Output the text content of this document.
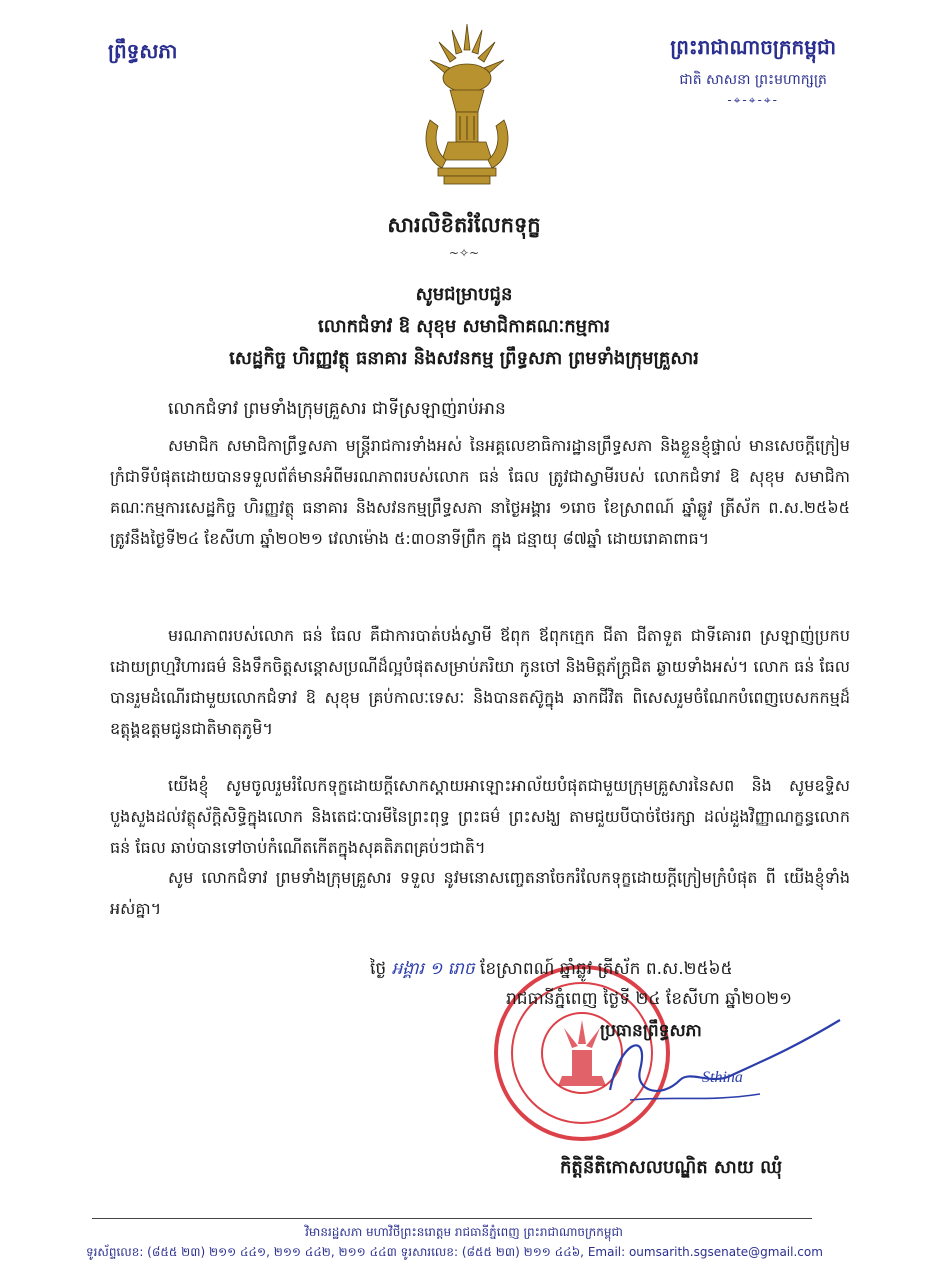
ព្រឹទ្ធសភា	ព្រះរាជាណាចក្រកម្ពុជា
ជាតិ សាសនា ព្រះមហាក្សត្រ
-⌖-⌖-⌖-
សារលិខិតរំលែកទុក្ខ
~✧~
សូមជម្រាបជូន
លោកជំទាវ ឱ សុខុម សមាជិកាគណៈកម្មការ
សេដ្ឋកិច្ច ហិរញ្ញវត្ថុ ធនាគារ និងសវនកម្ម ព្រឹទ្ធសភា ព្រមទាំងក្រុមគ្រួសារ
លោកជំទាវ ព្រមទាំងក្រុមគ្រួសារ ជាទីស្រឡាញ់រាប់អាន

សមាជិក សមាជិកាព្រឹទ្ធសភា មន្ត្រីរាជការទាំងអស់ នៃអគ្គលេខាធិការដ្ឋានព្រឹទ្ធសភា និងខ្លួនខ្ញុំផ្ទាល់ មានសេចក្ដីក្រៀមក្រំជាទីបំផុតដោយបានទទួលព័ត៌មានអំពីមរណភាពរបស់លោក ធន់ ធែល ត្រូវជាស្វាមីរបស់ លោកជំទាវ ឱ សុខុម សមាជិកាគណៈកម្មការសេដ្ឋកិច្ច ហិរញ្ញវត្ថុ ធនាគារ និងសវនកម្មព្រឹទ្ធសភា នាថ្ងៃអង្គារ ១រោច ខែស្រាពណ៍ ឆ្នាំឆ្លូវ ត្រីស័ក ព.ស.២៥៦៥ ត្រូវនឹងថ្ងៃទី២៤ ខែសីហា ឆ្នាំ២០២១ វេលាម៉ោង ៥:៣០នាទីព្រឹក ក្នុង ជន្មាយុ ៨៧ឆ្នាំ ដោយរោគាពាធ។

មរណភាពរបស់លោក ធន់ ធែល គឺជាការបាត់បង់ស្វាមី ឪពុក ឪពុកក្មេក ជីតា ជីតាទួត ជាទីគោរព ស្រឡាញ់ប្រកបដោយព្រហ្មវិហារធម៌ និងទឹកចិត្តសន្ដោសប្រណីដ៏ល្អបំផុតសម្រាប់ភរិយា កូនចៅ និងមិត្តភ័ក្ដ្រជិត ឆ្ងាយទាំងអស់។ លោក ធន់ ធែល បានរួមដំណើរជាមួយលោកជំទាវ ឱ សុខុម គ្រប់កាលៈទេសៈ និងបានតស៊ូក្នុង ឆាកជីវិត ពិសេសរួមចំណែកបំពេញបេសកកម្មដ៏ឧត្ដុង្គឧត្ដមជូនជាតិមាតុភូមិ។

យើងខ្ញុំ សូមចូលរួមរំលែកទុក្ខដោយក្ដីសោកស្ដាយអាឡោះអាល័យបំផុតជាមួយក្រុមគ្រួសារនៃសព និង សូមឧទ្ទិសបួងសួងដល់វត្ថុស័ក្ដិសិទ្ធិក្នុងលោក និងតេជៈបារមីនៃព្រះពុទ្ធ ព្រះធម៌ ព្រះសង្ឃ តាមជួយបីបាច់ថែរក្សា ដល់ដួងវិញ្ញាណក្ខន្ធលោក ធន់ ធែល ឆាប់បានទៅចាប់កំណើតកើតក្នុងសុគតិភពគ្រប់ៗជាតិ។

សូម លោកជំទាវ ព្រមទាំងក្រុមគ្រួសារ ទទួល នូវមនោសញ្ចេតនាចែករំលែកទុក្ខដោយក្ដីក្រៀមក្រំបំផុត ពី យើងខ្ញុំទាំងអស់គ្នា។

ថ្ងៃ អង្គារ ១ រោច ខែស្រាពណ៍ ឆ្នាំឆ្លូវ ត្រីស័ក ព.ស.២៥៦៥
រាជធានីភ្នំពេញ ថ្ងៃទី ២៤ ខែសីហា ឆ្នាំ២០២១
ប្រធានព្រឹទ្ធសភា
Sthina
កិត្តិនីតិកោសលបណ្ឌិត សាយ ឈុំ
វិមានរដ្ឋសភា មហាវិថីព្រះនរោត្តម រាជធានីភ្នំពេញ ព្រះរាជាណាចក្រកម្ពុជា
ទូរស័ព្ទលេខ: (៨៥៥ ២៣) ២១១ ៤៤១, ២១១ ៤៤២, ២១១ ៤៤៣ ទូរសារលេខ: (៨៥៥ ២៣) ២១១ ៤៤៦, Email: oumsarith.sgsenate@gmail.com
